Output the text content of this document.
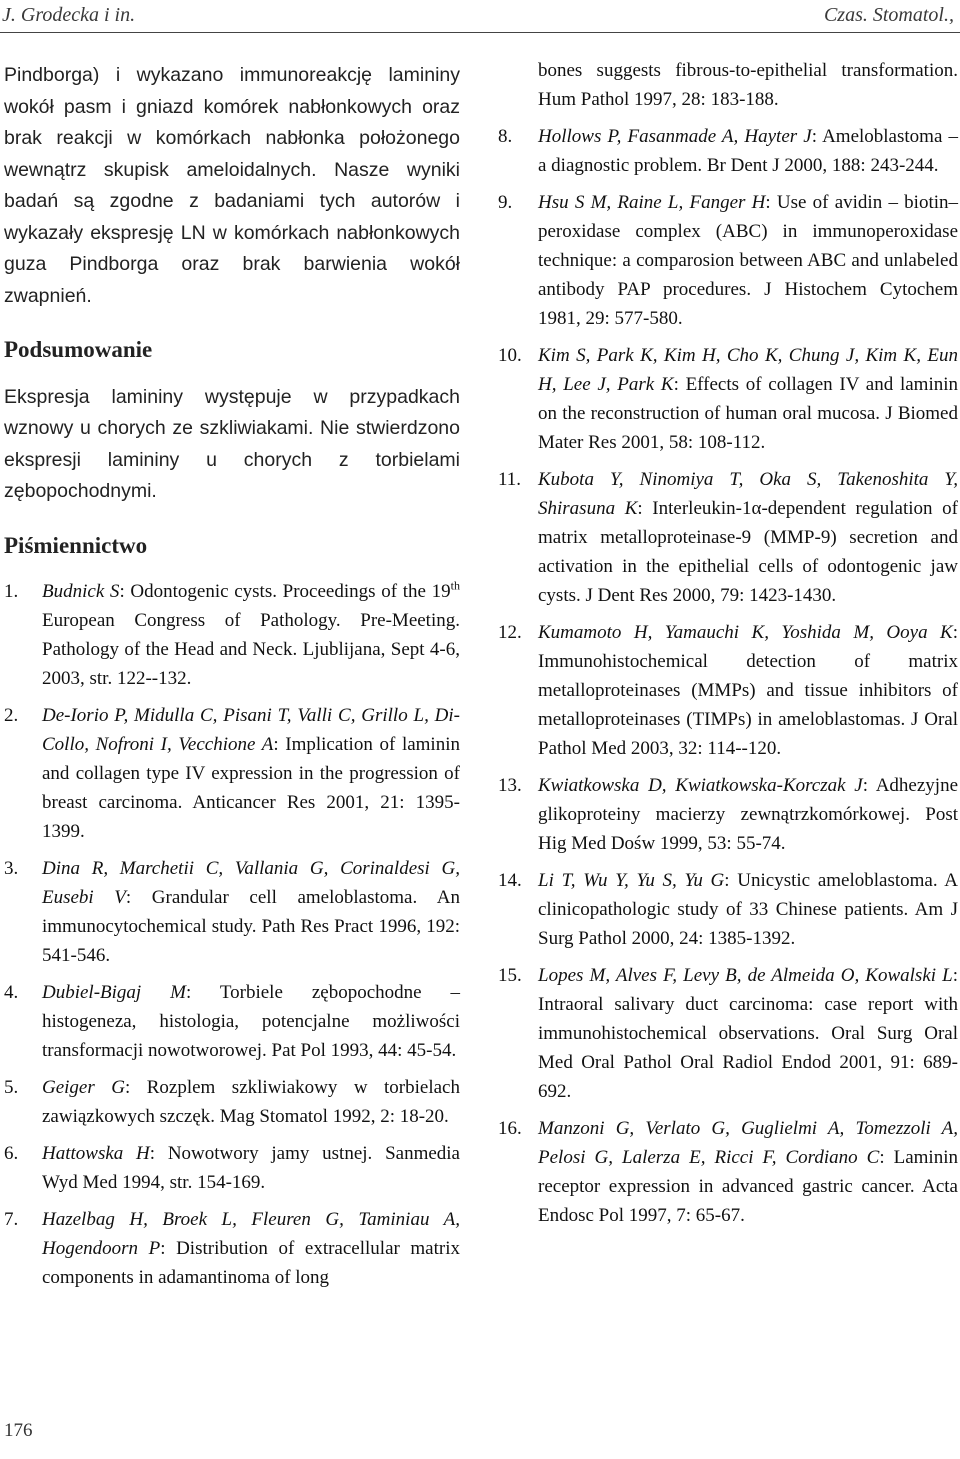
J. Grodecka i in.	Czas. Stomatol.,

Pindborga) i wykazano immunoreakcję lamininy wokół pasm i gniazd komórek nabłonkowych oraz brak reakcji w komórkach nabłonka położonego wewnątrz skupisk ameloidalnych. Nasze wyniki badań są zgodne z badaniami tych autorów i wykazały ekspresję LN w komórkach nabłonkowych guza Pindborga oraz brak barwienia wokół zwapnień.

Podsumowanie

Ekspresja lamininy występuje w przypadkach wznowy u chorych ze szkliwiakami. Nie stwierdzono ekspresji lamininy u chorych z torbielami zębopochodnymi.

Piśmiennictwo
1.	Budnick S: Odontogenic cysts. Proceedings of the 19th European Congress of Pathology. Pre-Meeting. Pathology of the Head and Neck. Ljublijana, Sept 4-6, 2003, str. 122--132.
2.	De-Iorio P, Midulla C, Pisani T, Valli C, Grillo L, Di-Collo, Nofroni I, Vecchione A: Implication of laminin and collagen type IV expression in the progression of breast carcinoma. Anticancer Res 2001, 21: 1395-1399.
3.	Dina R, Marchetii C, Vallania G, Corinaldesi G, Eusebi V: Grandular cell ameloblastoma. An immunocytochemical study. Path Res Pract 1996, 192: 541-546.
4.	Dubiel-Bigaj M: Torbiele zębopochodne – histogeneza, histologia, potencjalne możliwości transformacji nowotworowej. Pat Pol 1993, 44: 45-54.
5.	Geiger G: Rozplem szkliwiakowy w torbielach zawiązkowych szczęk. Mag Stomatol 1992, 2: 18-20.
6.	Hattowska H: Nowotwory jamy ustnej. Sanmedia Wyd Med 1994, str. 154-169.
7.	Hazelbag H, Broek L, Fleuren G, Taminiau A, Hogendoorn P: Distribution of extracellular matrix components in adamantinoma of long

bones suggests fibrous-to-epithelial transformation. Hum Pathol 1997, 28: 183-188.

8.	Hollows P, Fasanmade A, Hayter J: Ameloblastoma – a diagnostic problem. Br Dent J 2000, 188: 243-244.
9.	Hsu S M, Raine L, Fanger H: Use of avidin – biotin– peroxidase complex (ABC) in immunoperoxidase technique: a comparosion between ABC and unlabeled antibody PAP procedures. J Histochem Cytochem 1981, 29: 577-580.
10. Kim S, Park K, Kim H, Cho K, Chung J, Kim K, Eun H, Lee J, Park K: Effects of collagen IV and laminin on the reconstruction of human oral mucosa. J Biomed Mater Res 2001, 58: 108-112.
11. Kubota Y, Ninomiya T, Oka S, Takenoshita Y, Shirasuna K: Interleukin-1α-dependent regulation of matrix metalloproteinase-9 (MMP-9) secretion and activation in the epithelial cells of odontogenic jaw cysts. J Dent Res 2000, 79: 1423-1430.
12. Kumamoto H, Yamauchi K, Yoshida M, Ooya K: Immunohistochemical detection of matrix metalloproteinases (MMPs) and tissue inhibitors of metalloproteinases (TIMPs) in ameloblastomas. J Oral Pathol Med 2003, 32: 114--120.
13. Kwiatkowska D, Kwiatkowska-Korczak J: Adhezyjne glikoproteiny macierzy zewnątrzkomórkowej. Post Hig Med Dośw 1999, 53: 55-74.
14. Li T, Wu Y, Yu S, Yu G: Unicystic ameloblastoma. A clinicopathologic study of 33 Chinese patients. Am J Surg Pathol 2000, 24: 1385-1392.
15. Lopes M, Alves F, Levy B, de Almeida O, Kowalski L: Intraoral salivary duct carcinoma: case report with immunohistochemical observations. Oral Surg Oral Med Oral Pathol Oral Radiol Endod 2001, 91: 689-692.
16. Manzoni G, Verlato G, Guglielmi A, Tomezzoli A, Pelosi G, Lalerza E, Ricci F, Cordiano C: Laminin receptor expression in advanced gastric cancer. Acta Endosc Pol 1997, 7: 65-67.
176
